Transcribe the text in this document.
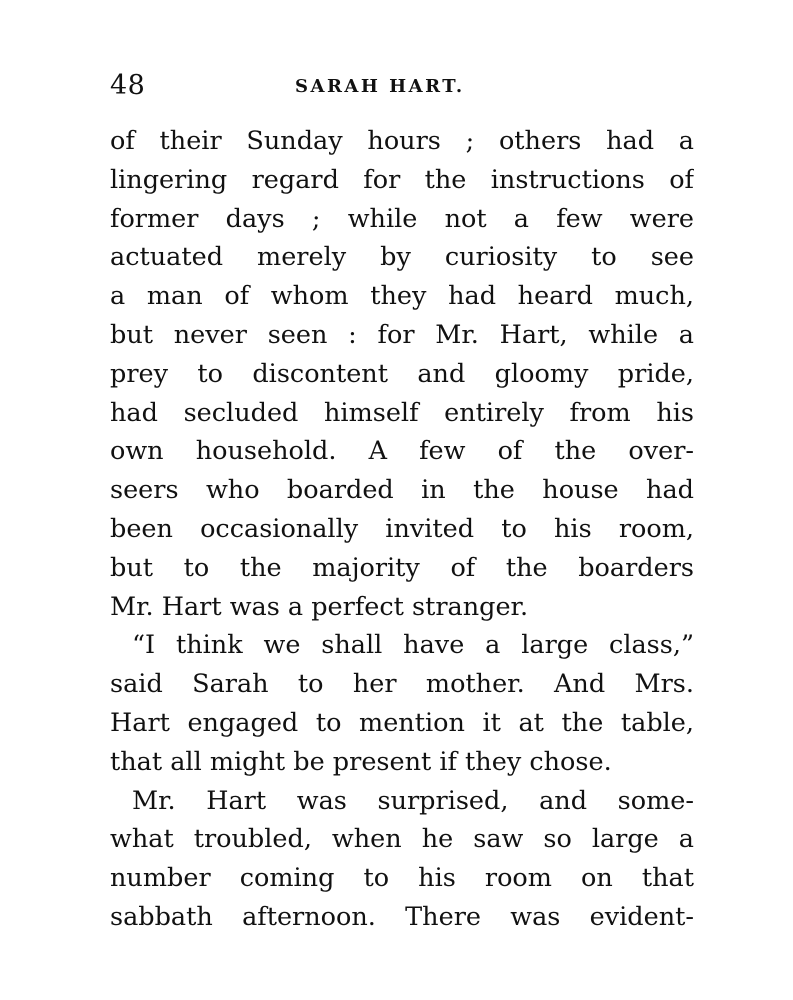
48	SARAH HART.
of their Sunday hours ; others had a
lingering regard for the instructions of
former days ; while not a few were
actuated merely by curiosity to see
a man of whom they had heard much,
but never seen : for Mr. Hart, while a
prey to discontent and gloomy pride,
had secluded himself entirely from his
own household. A few of the over-
seers who boarded in the house had
been occasionally invited to his room,
but to the majority of the boarders
Mr. Hart was a perfect stranger.
“I think we shall have a large class,”
said Sarah to her mother. And Mrs.
Hart engaged to mention it at the table,
that all might be present if they chose.
Mr. Hart was surprised, and some-
what troubled, when he saw so large a
number coming to his room on that
sabbath afternoon. There was evident-
